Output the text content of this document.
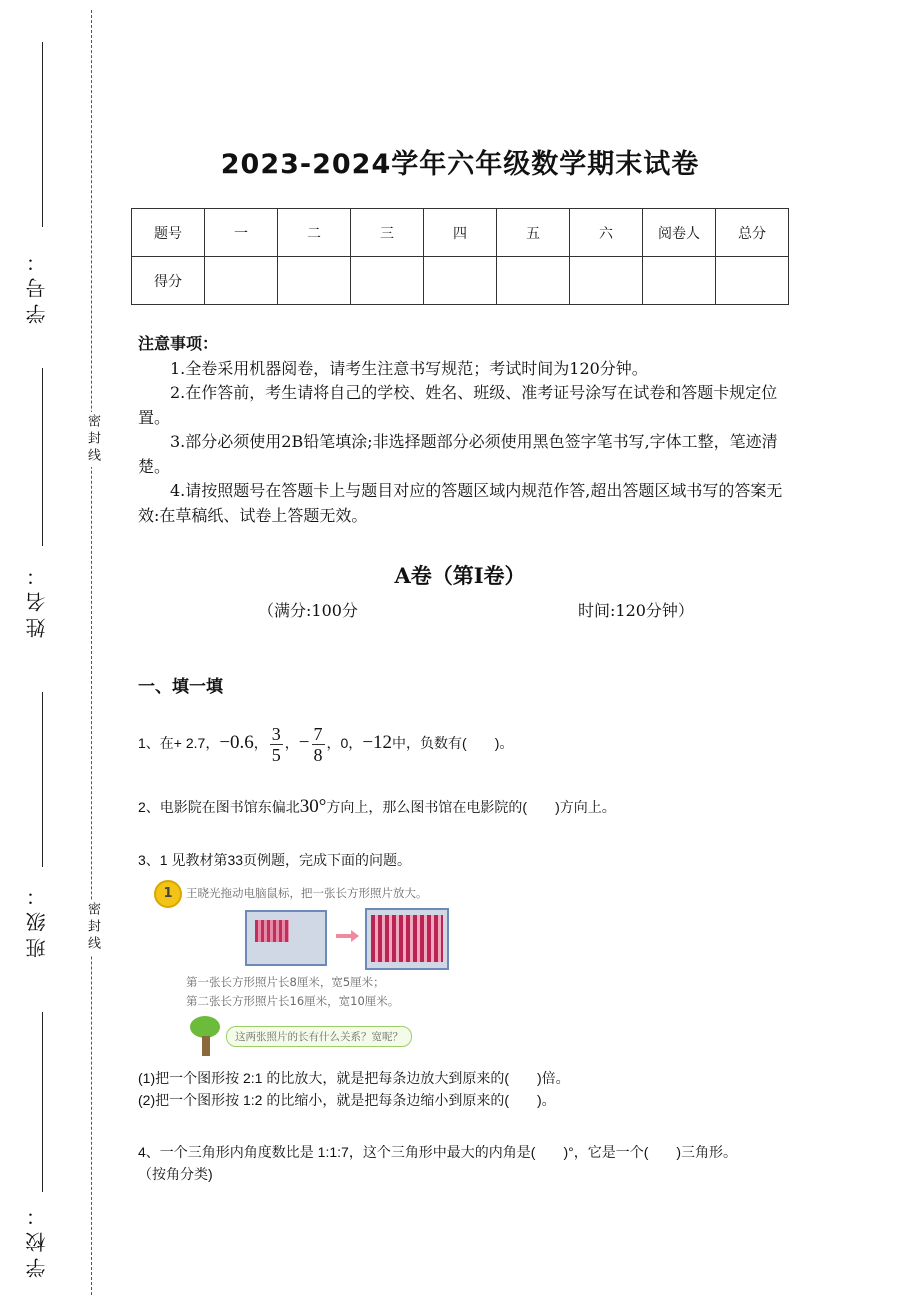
学号：
姓名：
班级：
学校：
密封线
密封线
2023-2024学年六年级数学期末试卷
题号	一	二	三	四	五	六	阅卷人	总分
得分								
注意事项：

1.全卷采用机器阅卷，请考生注意书写规范；考试时间为120分钟。

2.在作答前，考生请将自己的学校、姓名、班级、准考证号涂写在试卷和答题卡规定位置。

3.部分必须使用2B铅笔填涂;非选择题部分必须使用黑色签字笔书写,字体工整，笔迹清楚。

4.请按照题号在答题卡上与题目对应的答题区域内规范作答,超出答题区域书写的答案无效:在草稿纸、试卷上答题无效。

A卷（第Ⅰ卷）
（满分:100分	时间:120分钟）
一、填一填
1、在+ 2.7，−0.6， $\frac{3}{5}$ ，− $\frac{7}{8}$ ，0，−12中，负数有(　　)。
2、电影院在图书馆东偏北30°方向上，那么图书馆在电影院的(　　)方向上。
3、1 见教材第33页例题，完成下面的问题。
1	王晓光拖动电脑鼠标，把一张长方形照片放大。
第一张长方形照片长8厘米，宽5厘米；
第二张长方形照片长16厘米，宽10厘米。
这两张照片的长有什么关系？宽呢？
(1)把一个图形按 2:1 的比放大，就是把每条边放大到原来的(　　)倍。
(2)把一个图形按 1:2 的比缩小，就是把每条边缩小到原来的(　　)。
4、一个三角形内角度数比是 1:1:7，这个三角形中最大的内角是(　　)°，它是一个(　　)三角形。
（按角分类)
